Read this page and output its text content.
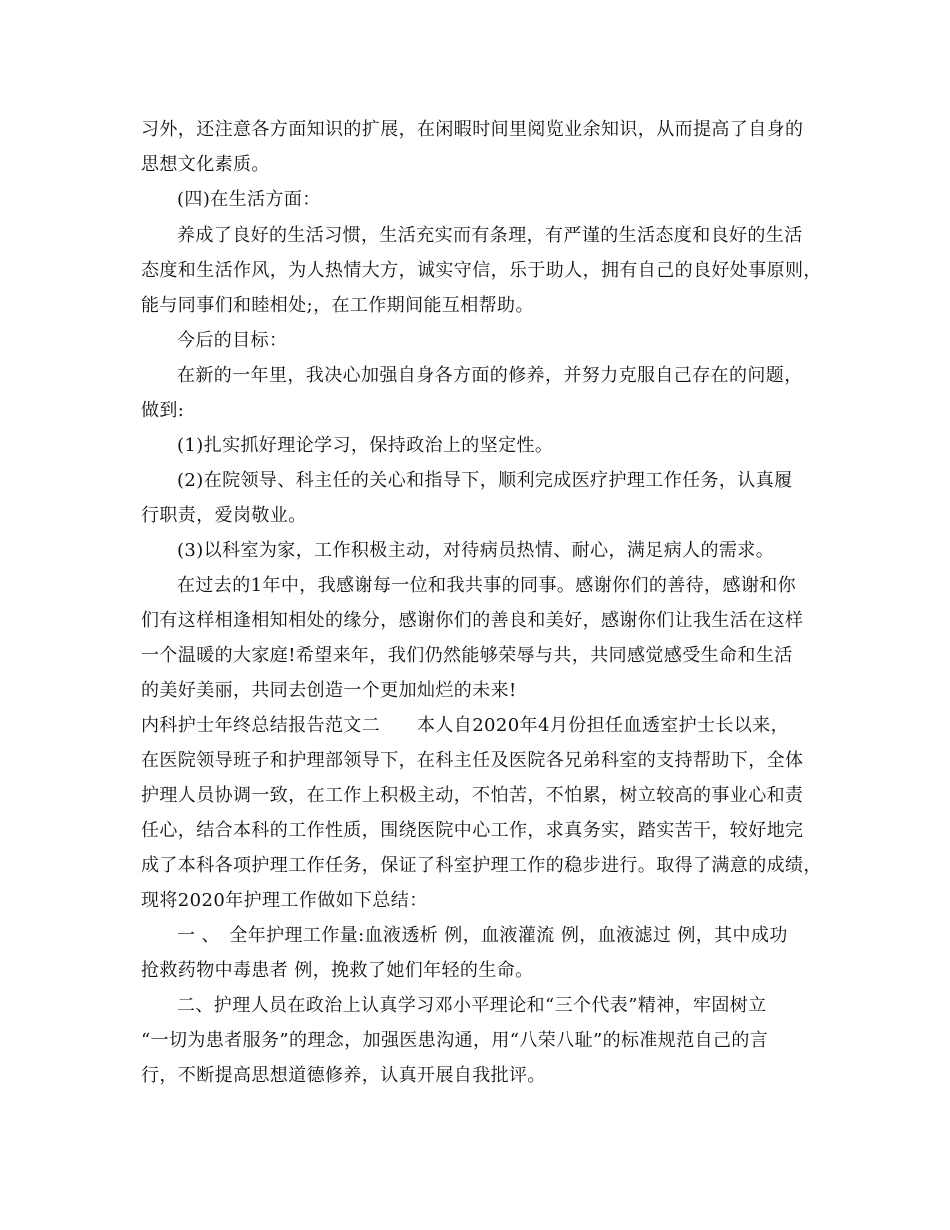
习外，还注意各方面知识的扩展，在闲暇时间里阅览业余知识，从而提高了自身的
思想文化素质。
(四)在生活方面：
养成了良好的生活习惯，生活充实而有条理，有严谨的生活态度和良好的生活
态度和生活作风，为人热情大方，诚实守信，乐于助人，拥有自己的良好处事原则，
能与同事们和睦相处;，在工作期间能互相帮助。
今后的目标：
在新的一年里，我决心加强自身各方面的修养，并努力克服自己存在的问题，
做到:
(1)扎实抓好理论学习，保持政治上的坚定性。
(2)在院领导、科主任的关心和指导下，顺利完成医疗护理工作任务，认真履
行职责，爱岗敬业。
(3)以科室为家，工作积极主动，对待病员热情、耐心，满足病人的需求。
在过去的1年中，我感谢每一位和我共事的同事。感谢你们的善待，感谢和你
们有这样相逢相知相处的缘分，感谢你们的善良和美好，感谢你们让我生活在这样
一个温暖的大家庭!希望来年，我们仍然能够荣辱与共，共同感觉感受生命和生活
的美好美丽，共同去创造一个更加灿烂的未来!
内科护士年终总结报告范文二　　本人自2020年4月份担任血透室护士长以来，
在医院领导班子和护理部领导下，在科主任及医院各兄弟科室的支持帮助下，全体
护理人员协调一致，在工作上积极主动，不怕苦，不怕累，树立较高的事业心和责
任心，结合本科的工作性质，围绕医院中心工作，求真务实，踏实苦干，较好地完
成了本科各项护理工作任务，保证了科室护理工作的稳步进行。取得了满意的成绩，
现将2020年护理工作做如下总结：
一 、　全年护理工作量:血液透析 例，血液灌流 例，血液滤过 例，其中成功
抢救药物中毒患者 例，挽救了她们年轻的生命。
二、护理人员在政治上认真学习邓小平理论和“三个代表”精神，牢固树立
“一切为患者服务”的理念，加强医患沟通，用“八荣八耻”的标准规范自己的言
行，不断提高思想道德修养，认真开展自我批评。
